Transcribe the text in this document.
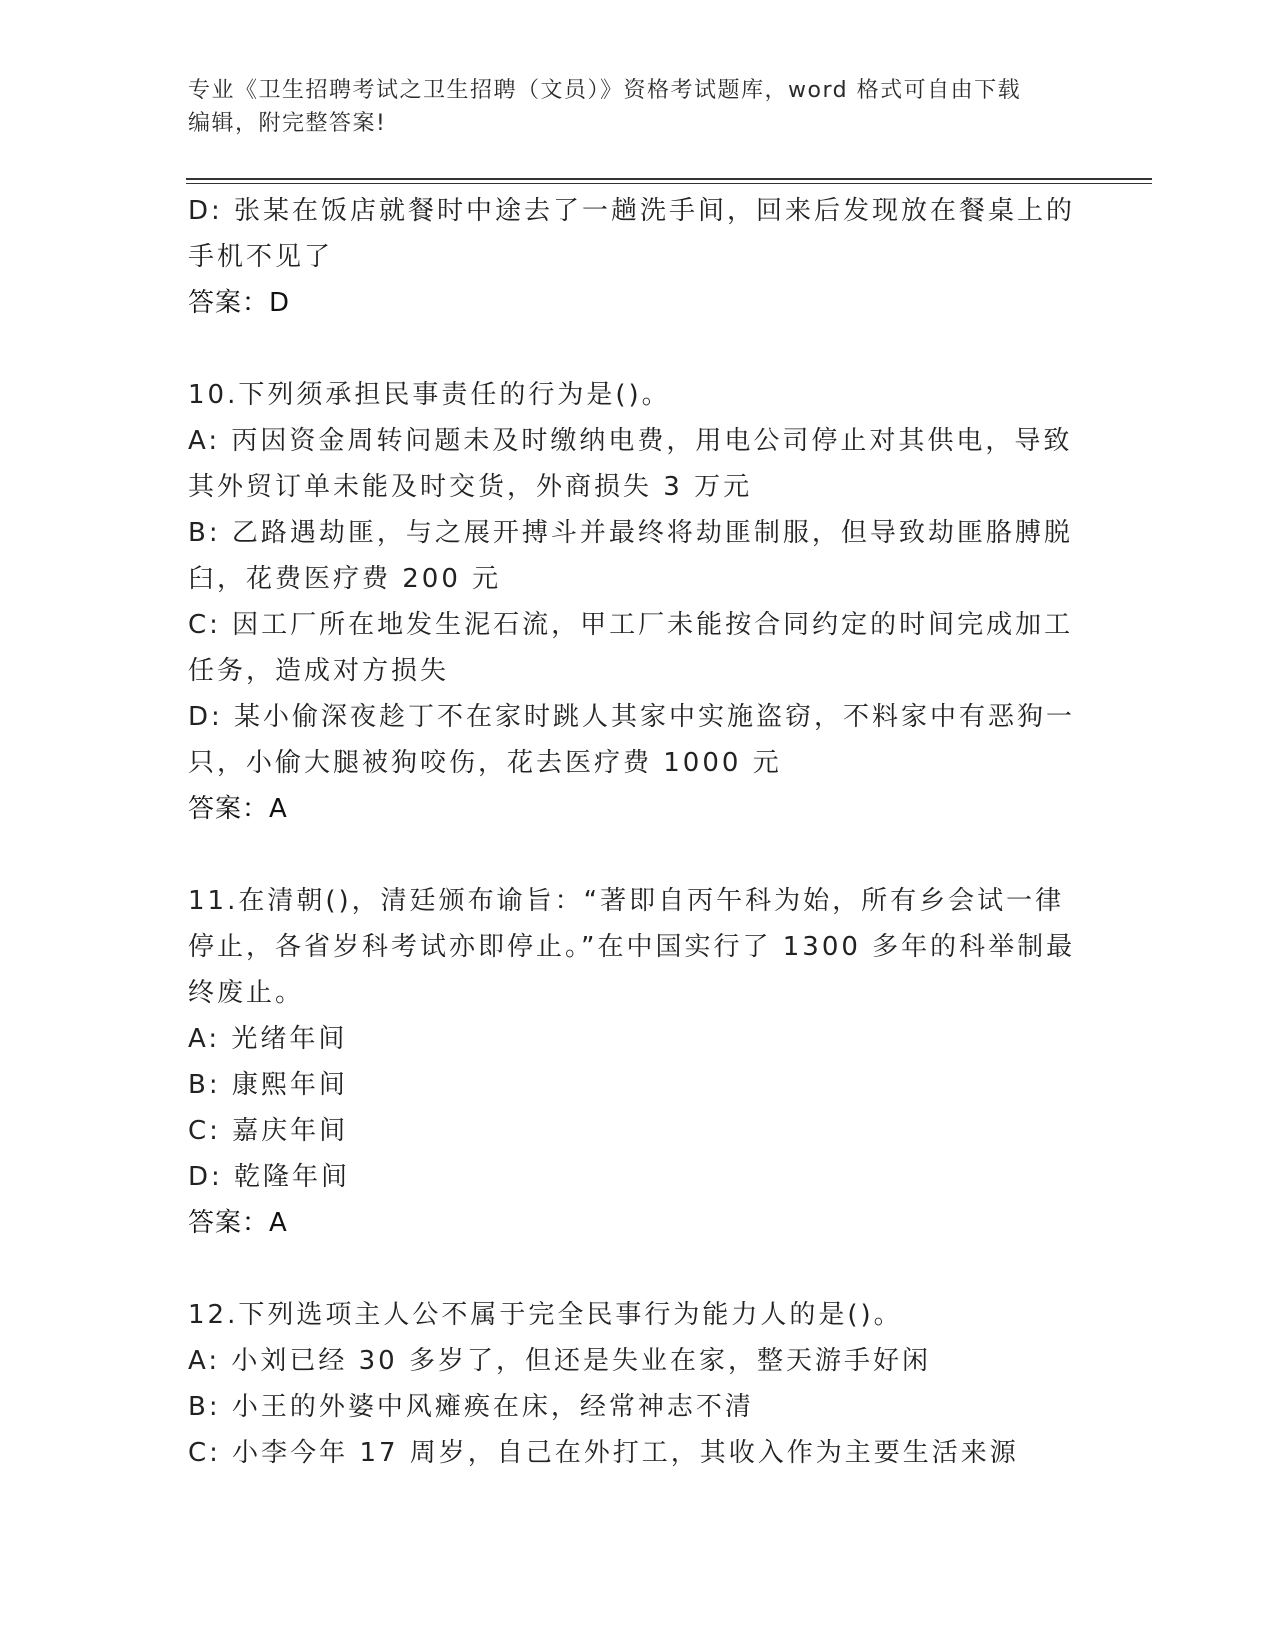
专业《卫生招聘考试之卫生招聘（文员）》资格考试题库，word 格式可自由下载
编辑，附完整答案!
D: 张某在饭店就餐时中途去了一趟洗手间，回来后发现放在餐桌上的
手机不见了
答案：D
10.下列须承担民事责任的行为是()。
A: 丙因资金周转问题未及时缴纳电费，用电公司停止对其供电，导致
其外贸订单未能及时交货，外商损失 3 万元
B: 乙路遇劫匪，与之展开搏斗并最终将劫匪制服，但导致劫匪胳膊脱
臼，花费医疗费 200 元
C: 因工厂所在地发生泥石流，甲工厂未能按合同约定的时间完成加工
任务，造成对方损失
D: 某小偷深夜趁丁不在家时跳人其家中实施盗窃，不料家中有恶狗一
只，小偷大腿被狗咬伤，花去医疗费 1000 元
答案：A
11.在清朝()，清廷颁布谕旨：“著即自丙午科为始，所有乡会试一律
停止，各省岁科考试亦即停止。”在中国实行了 1300 多年的科举制最
终废止。
A: 光绪年间
B: 康熙年间
C: 嘉庆年间
D: 乾隆年间
答案：A
12.下列选项主人公不属于完全民事行为能力人的是()。
A: 小刘已经 30 多岁了，但还是失业在家，整天游手好闲
B: 小王的外婆中风瘫痪在床，经常神志不清
C: 小李今年 17 周岁，自己在外打工，其收入作为主要生活来源
